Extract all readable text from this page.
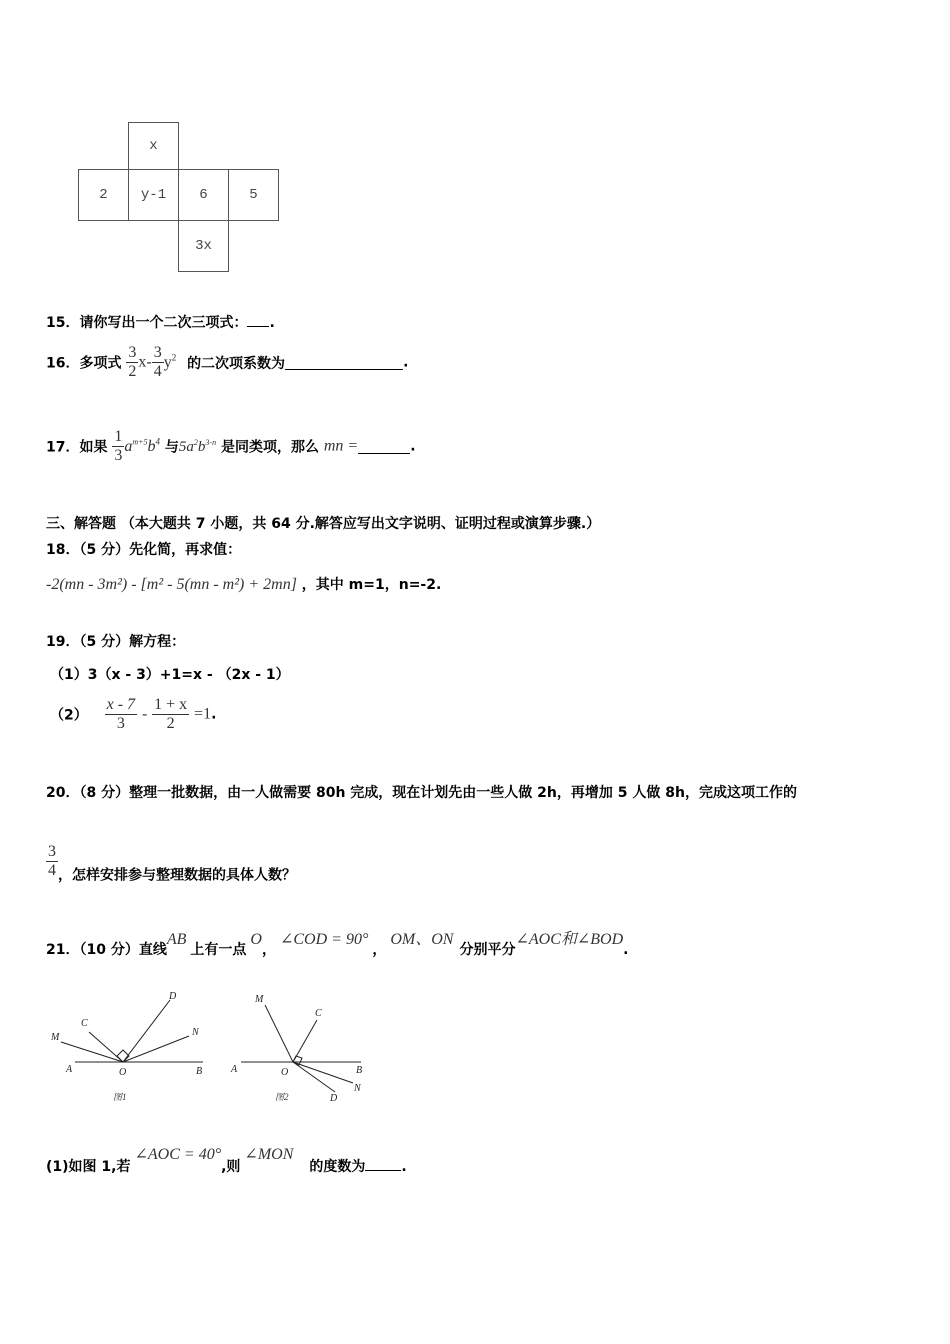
x
2	y-1	6	5
3x
15．请你写出一个二次三项式： .
16．多项式 $\frac{3}{2} x- \frac{3}{4} y^2$ 的二次项系数为	.
17．如果 $\frac{1}{3} a^{m+5}b^4$ 与$5a^2b^{3-n}$ 是同类项，那么 mn =	.
三、解答题 （本大题共 7 小题，共 64 分.解答应写出文字说明、证明过程或演算步骤.）
18．（5 分）先化简，再求值：
-2(mn - 3m²) - [m² - 5(mn - m²) + 2mn] ，其中 m=1，n=-2.
19．（5 分）解方程：
（1）3（x - 3）+1=x - （2x - 1）
$(2) \frac{x - 7}{3} - \frac{1 + x}{2} =1$.
20．（8 分）整理一批数据，由一人做需要 80h 完成，现在计划先由一些人做 2h，再增加 5 人做 8h，完成这项工作的
$\frac{3}{4}$ ，怎样安排参与整理数据的具体人数？
21．（10 分）直线AB上有一点O，∠COD = 90°，OM、ON分别平分∠AOC和∠BOD.
D
C
N
M
A	O	B
图1
M
C
A	O	B
N
D
图2
(1)如图 1,若∠AOC = 40°,则∠MON的度数为	.
